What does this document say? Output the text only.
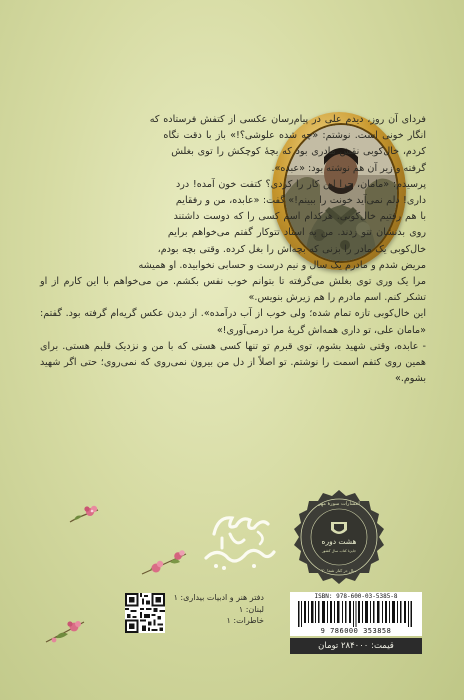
فردای آن روز، دیدم علی در پیام‌رسان عکسی از کتفش فرستاده که انگار خونی است. نوشتم: «چه شده علوشی؟!» باز با دقت نگاه کردم، خال‌کوبی نقش مادری بود که بچهٔ کوچکش را توی بغلش گرفته و زیر آن هم نوشته بود: «عبده».

پرسیدم: «مامان، چرا این کار را کردی؟ کتفت خون آمده! درد داری! دلم نمی‌آید خونت را ببینم!» گفت: «عابده، من و رفقایم با هم رفتیم خال‌کوبی. هرکدام اسم کسی را که دوست داشتند روی بدنشان تتو زدند. من به استاد تتوکار گفتم می‌خواهم برایم خال‌کوبی یک مادر را بزنی که بچه‌اش را بغل کرده. وقتی بچه بودم، مریض شدم و مادرم یک سال و نیم درست و حسابی نخوابیده. او همیشه مرا یک وری توی بغلش می‌گرفته تا بتوانم خوب نفس بکشم. من می‌خواهم با این کارم از او تشکر کنم. اسم مادرم را هم زیرش بنویس.»

این خال‌کوبی تازه تمام شده؛ ولی خوب از آب درآمده». از دیدن عکس گریه‌ام گرفته بود. گفتم: «مامان علی، تو داری همه‌اش گریهٔ مرا درمی‌آوری!»

- عابده، وقتی شهید بشوم، توی قبرم تو تنها کسی هستی که با من و نزدیک قلبم هستی. برای همین روی کتفم اسمت را نوشتم. تو اصلاً از دل من بیرون نمی‌روی که نمی‌روی؛ حتی اگر شهید بشوم.»

هشت دوره
جایزهٔ کتاب سال کشور
انتشارات سورهٔ مهر
۲۰ سال در کنار شما
دفتر هنر و ادبیات بیداری: ۱
لبنان: ۱
خاطرات: ۱
ISBN: 978-600-03-5385-8
9 786000 353858
قیمت: ۲۸۴۰۰۰ تومان
